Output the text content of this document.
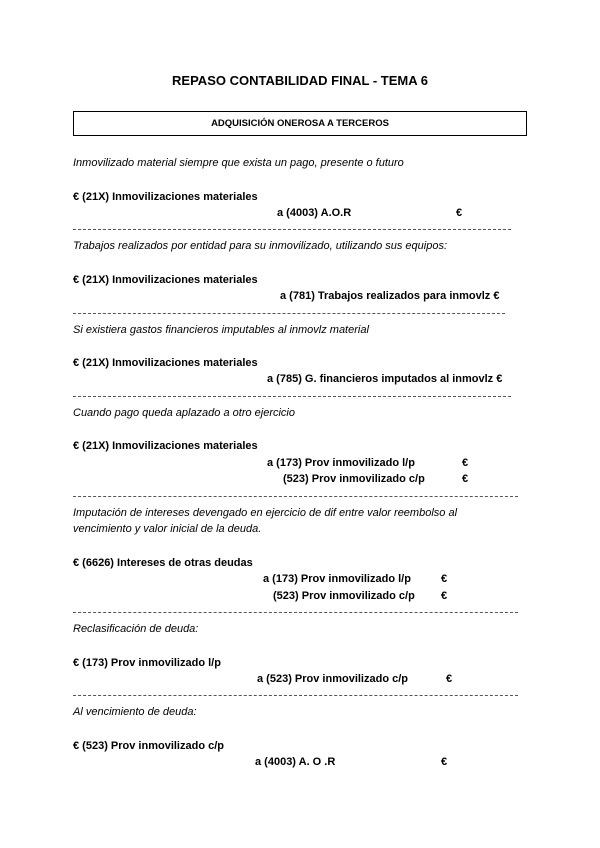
REPASO CONTABILIDAD FINAL - TEMA 6
ADQUISICIÓN ONEROSA A TERCEROS
Inmovilizado material siempre que exista un pago, presente o futuro
€ (21X) Inmovilizaciones materiales
a (4003) A.O.R	€
Trabajos realizados por entidad para su inmovilizado, utilizando sus equipos:
€ (21X) Inmovilizaciones materiales
a (781) Trabajos realizados para inmovlz €
Si existiera gastos financieros imputables al inmovlz material
€ (21X) Inmovilizaciones materiales
a (785) G. financieros imputados al inmovlz €
Cuando pago queda aplazado a otro ejercicio
€ (21X) Inmovilizaciones materiales
a (173) Prov inmovilizado l/p	€
(523) Prov inmovilizado c/p	€
Imputación de intereses devengado en ejercicio de dif entre valor reembolso al
vencimiento y valor inicial de la deuda.
€ (6626) Intereses de otras deudas
a (173) Prov inmovilizado l/p	€
(523) Prov inmovilizado c/p €
Reclasificación de deuda:
€ (173) Prov inmovilizado l/p
a (523) Prov inmovilizado c/p	€
Al vencimiento de deuda:
€ (523) Prov inmovilizado c/p
a (4003) A. O .R	€
